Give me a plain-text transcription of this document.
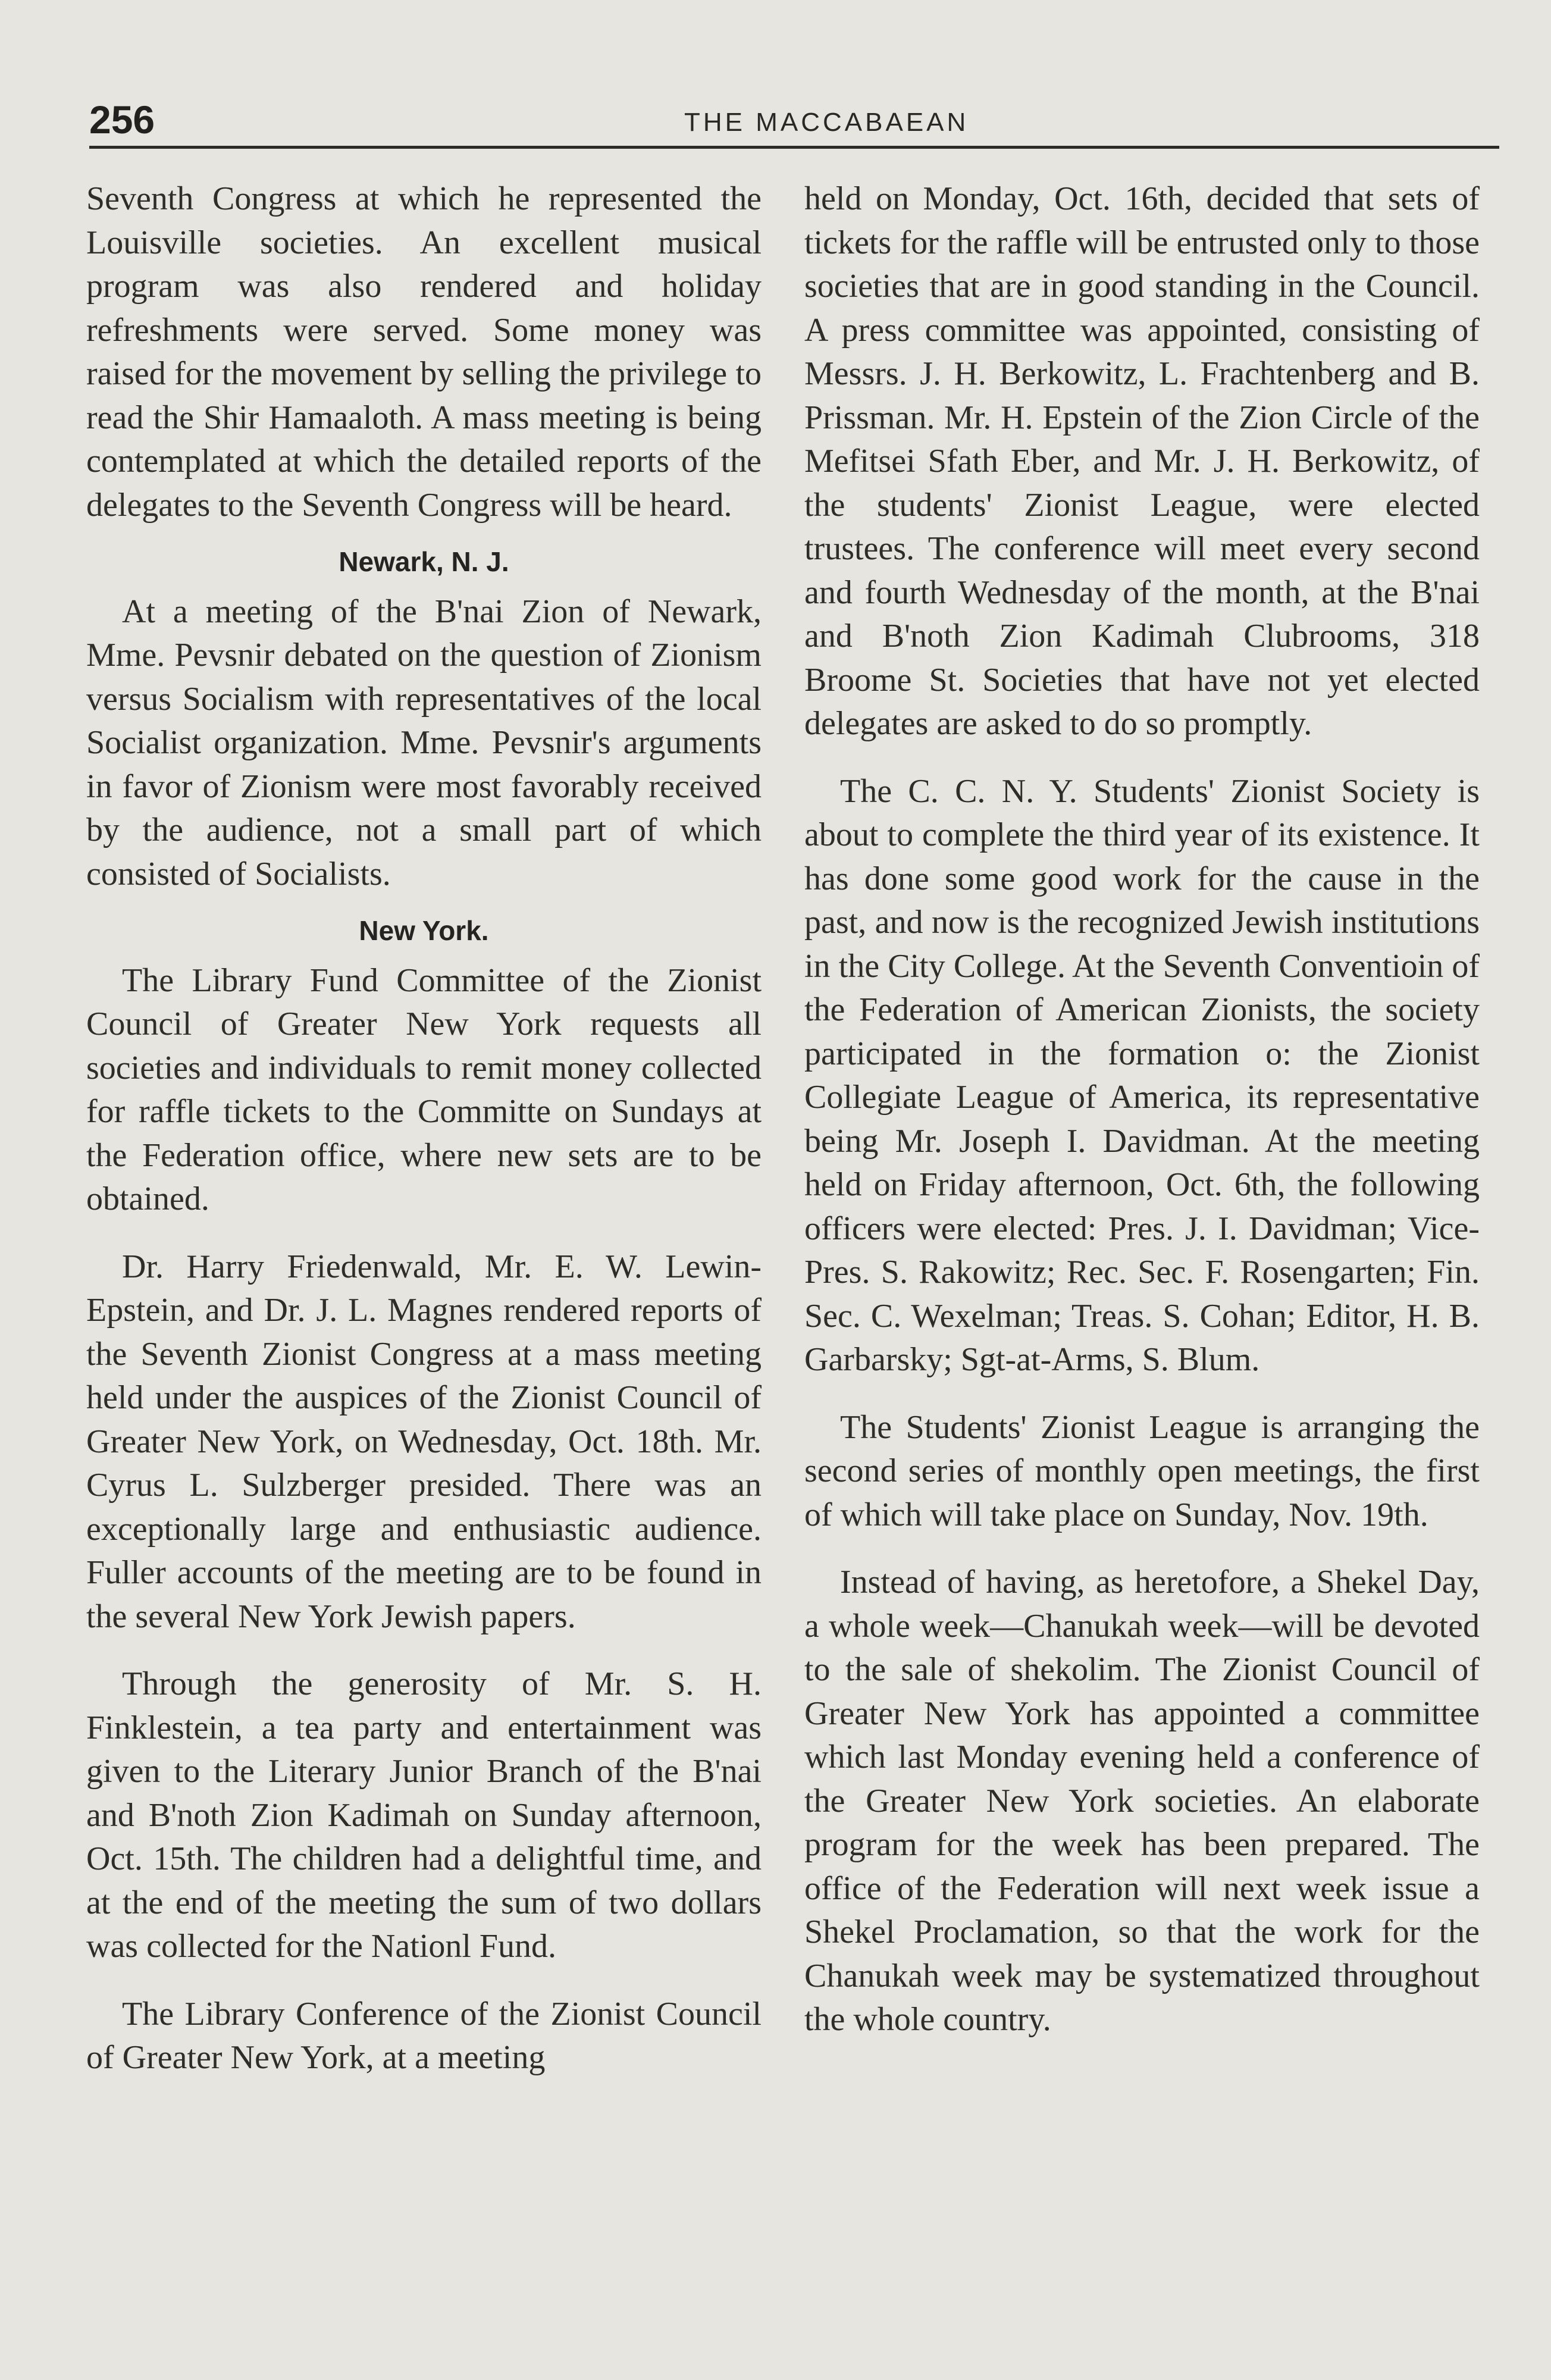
256	THE MACCABAEAN

Seventh Congress at which he represented the Louisville societies. An excellent musical program was also rendered and holiday refreshments were served. Some money was raised for the movement by selling the privilege to read the Shir Hamaaloth. A mass meeting is being contemplated at which the detailed reports of the delegates to the Seventh Congress will be heard.

Newark, N. J.

At a meeting of the B'nai Zion of Newark, Mme. Pevsnir debated on the question of Zionism versus Socialism with representatives of the local Socialist organization. Mme. Pevsnir's arguments in favor of Zionism were most favorably received by the audience, not a small part of which consisted of Socialists.

New York.

The Library Fund Committee of the Zionist Council of Greater New York requests all societies and individuals to remit money collected for raffle tickets to the Committe on Sundays at the Federation office, where new sets are to be obtained.

Dr. Harry Friedenwald, Mr. E. W. Lewin-Epstein, and Dr. J. L. Magnes rendered reports of the Seventh Zionist Congress at a mass meeting held under the auspices of the Zionist Council of Greater New York, on Wednesday, Oct. 18th. Mr. Cyrus L. Sulzberger presided. There was an exceptionally large and enthusiastic audience. Fuller accounts of the meeting are to be found in the several New York Jewish papers.

Through the generosity of Mr. S. H. Finklestein, a tea party and entertainment was given to the Literary Junior Branch of the B'nai and B'noth Zion Kadimah on Sunday afternoon, Oct. 15th. The children had a delightful time, and at the end of the meeting the sum of two dollars was collected for the Nationl Fund.

The Library Conference of the Zionist Council of Greater New York, at a meeting

held on Monday, Oct. 16th, decided that sets of tickets for the raffle will be entrusted only to those societies that are in good standing in the Council. A press committee was appointed, consisting of Messrs. J. H. Berkowitz, L. Frachtenberg and B. Prissman. Mr. H. Epstein of the Zion Circle of the Mefitsei Sfath Eber, and Mr. J. H. Berkowitz, of the students' Zionist League, were elected trustees. The conference will meet every second and fourth Wednesday of the month, at the B'nai and B'noth Zion Kadimah Clubrooms, 318 Broome St. Societies that have not yet elected delegates are asked to do so promptly.

The C. C. N. Y. Students' Zionist Society is about to complete the third year of its existence. It has done some good work for the cause in the past, and now is the recognized Jewish institutions in the City College. At the Seventh Conventioin of the Federation of American Zionists, the society participated in the formation o: the Zionist Collegiate League of America, its representative being Mr. Joseph I. Davidman. At the meeting held on Friday afternoon, Oct. 6th, the following officers were elected: Pres. J. I. Davidman; Vice-Pres. S. Rakowitz; Rec. Sec. F. Rosengarten; Fin. Sec. C. Wexelman; Treas. S. Cohan; Editor, H. B. Garbarsky; Sgt-at-Arms, S. Blum.

The Students' Zionist League is arranging the second series of monthly open meetings, the first of which will take place on Sunday, Nov. 19th.

Instead of having, as heretofore, a Shekel Day, a whole week—Chanukah week—will be devoted to the sale of shekolim. The Zionist Council of Greater New York has appointed a committee which last Monday evening held a conference of the Greater New York societies. An elaborate program for the week has been prepared. The office of the Federation will next week issue a Shekel Proclamation, so that the work for the Chanukah week may be systematized throughout the whole country.
